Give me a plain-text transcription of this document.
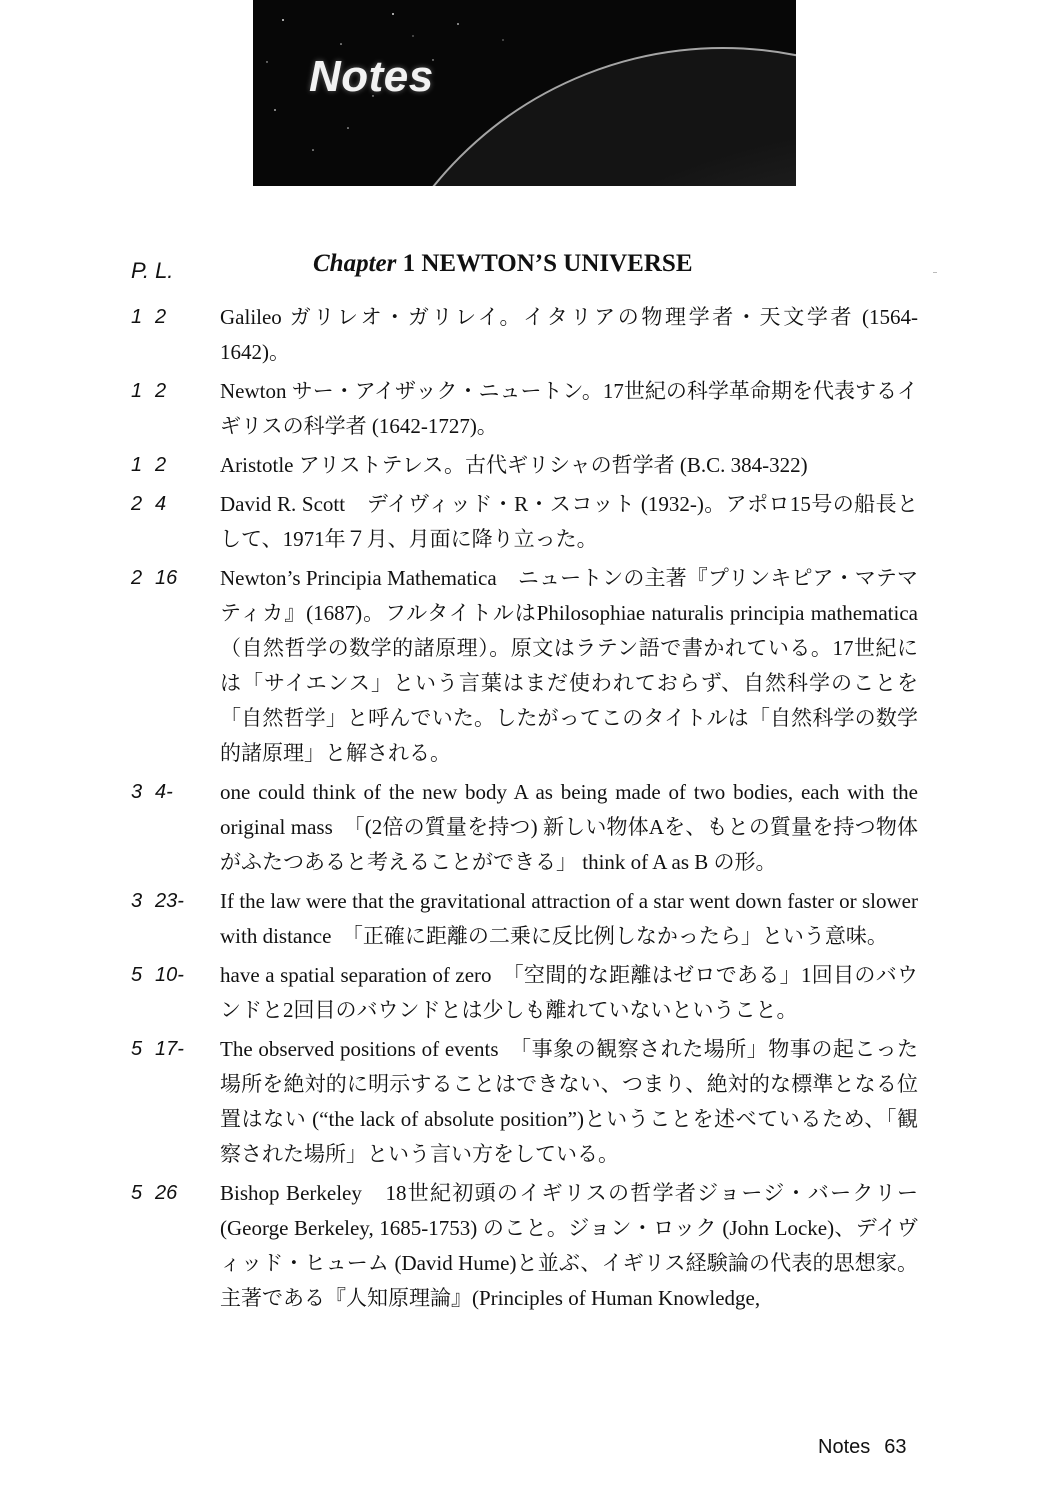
Notes
P. L.	Chapter 1 NEWTON’S UNIVERSE
1 2	Galileo ガリレオ・ガリレイ。イタリアの物理学者・天文学者 (1564-1642)。
1 2	Newton サー・アイザック・ニュートン。17世紀の科学革命期を代表するイギリスの科学者 (1642-1727)。
1 2	Aristotle アリストテレス。古代ギリシャの哲学者 (B.C. 384-322)
2 4	David R. Scott　デイヴィッド・R・スコット (1932-)。アポロ15号の船長として、1971年７月、月面に降り立った。
2 16	Newton’s Principia Mathematica　ニュートンの主著『プリンキピア・マテマティカ』(1687)。フルタイトルはPhilosophiae naturalis principia mathematica（自然哲学の数学的諸原理）。原文はラテン語で書かれている。17世紀には「サイエンス」という言葉はまだ使われておらず、自然科学のことを「自然哲学」と呼んでいた。したがってこのタイトルは「自然科学の数学的諸原理」と解される。
3 4-	one could think of the new body A as being made of two bodies, each with the original mass　「(2倍の質量を持つ) 新しい物体Aを、もとの質量を持つ物体がふたつあると考えることができる」 think of A as B の形。
3 23-	If the law were that the gravitational attraction of a star went down faster or slower with distance　「正確に距離の二乗に反比例しなかったら」という意味。
5 10-	have a spatial separation of zero　「空間的な距離はゼロである」1回目のバウンドと2回目のバウンドとは少しも離れていないということ。
5 17-	The observed positions of events　「事象の観察された場所」物事の起こった場所を絶対的に明示することはできない、つまり、絶対的な標準となる位置はない (“the lack of absolute position”)ということを述べているため、「観察された場所」という言い方をしている。
5 26	Bishop Berkeley　18世紀初頭のイギリスの哲学者ジョージ・バークリー (George Berkeley, 1685-1753) のこと。ジョン・ロック (John Locke)、デイヴィッド・ヒューム (David Hume)と並ぶ、イギリス経験論の代表的思想家。主著である『人知原理論』(Principles of Human Knowledge,
Notes 63
